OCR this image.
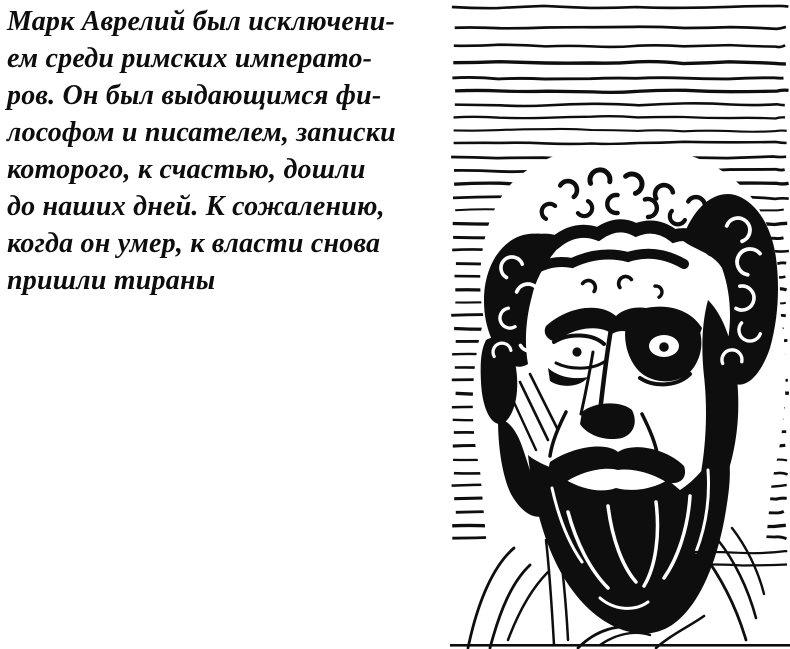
Марк Аврелий был исключени-
ем среди римских императо-
ров. Он был выдающимся фи-
лософом и писателем, записки
которого, к счастью, дошли
до наших дней. К сожалению,
когда он умер, к власти снова
пришли тираны
